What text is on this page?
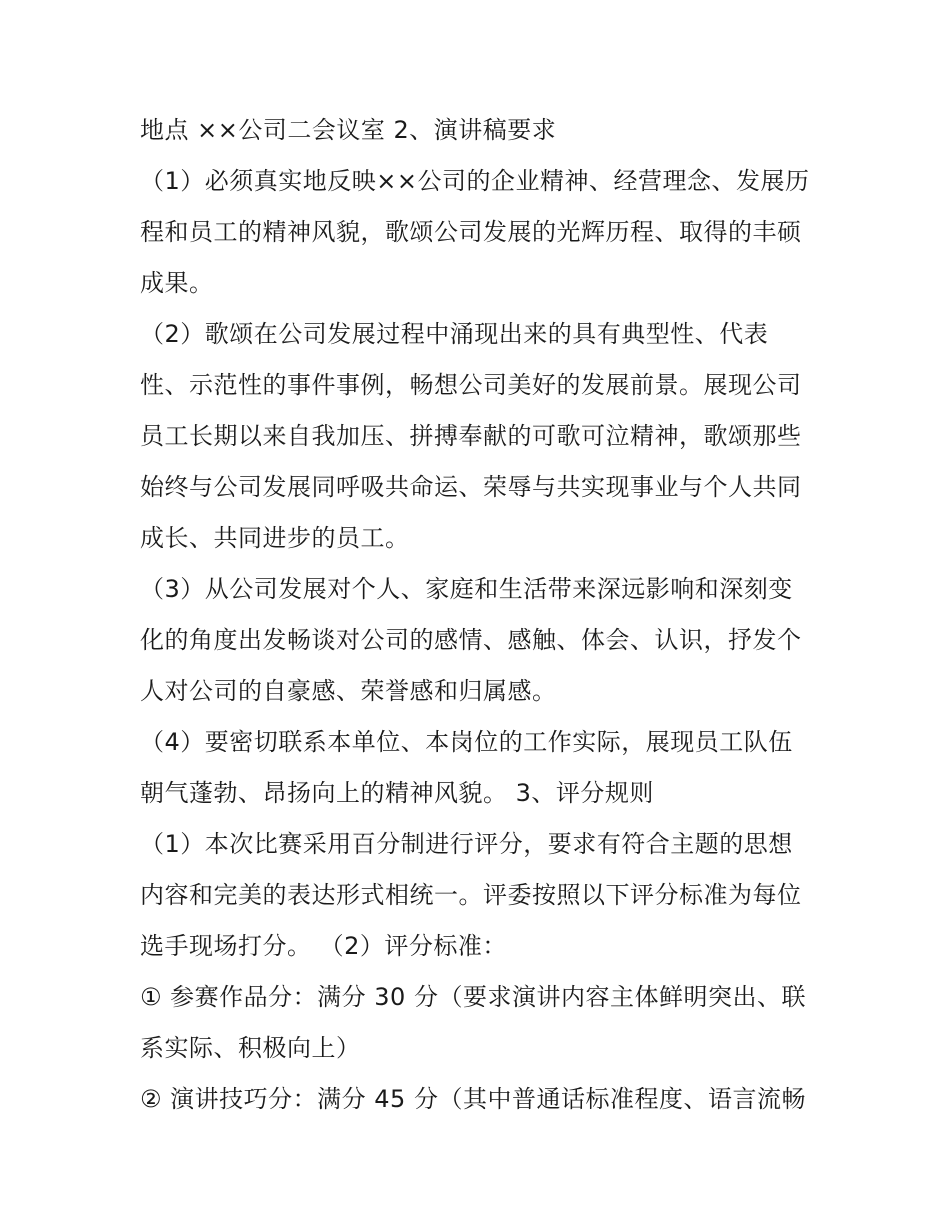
地点 ××公司二会议室 2、演讲稿要求
（1）必须真实地反映××公司的企业精神、经营理念、发展历
程和员工的精神风貌，歌颂公司发展的光辉历程、取得的丰硕
成果。
（2）歌颂在公司发展过程中涌现出来的具有典型性、代表
性、示范性的事件事例，畅想公司美好的发展前景。展现公司
员工长期以来自我加压、拼搏奉献的可歌可泣精神，歌颂那些
始终与公司发展同呼吸共命运、荣辱与共实现事业与个人共同
成长、共同进步的员工。
（3）从公司发展对个人、家庭和生活带来深远影响和深刻变
化的角度出发畅谈对公司的感情、感触、体会、认识，抒发个
人对公司的自豪感、荣誉感和归属感。
（4）要密切联系本单位、本岗位的工作实际，展现员工队伍
朝气蓬勃、昂扬向上的精神风貌。 3、评分规则
（1）本次比赛采用百分制进行评分，要求有符合主题的思想
内容和完美的表达形式相统一。评委按照以下评分标准为每位
选手现场打分。 （2）评分标准：
① 参赛作品分：满分 30 分（要求演讲内容主体鲜明突出、联
系实际、积极向上）
② 演讲技巧分：满分 45 分（其中普通话标准程度、语言流畅
